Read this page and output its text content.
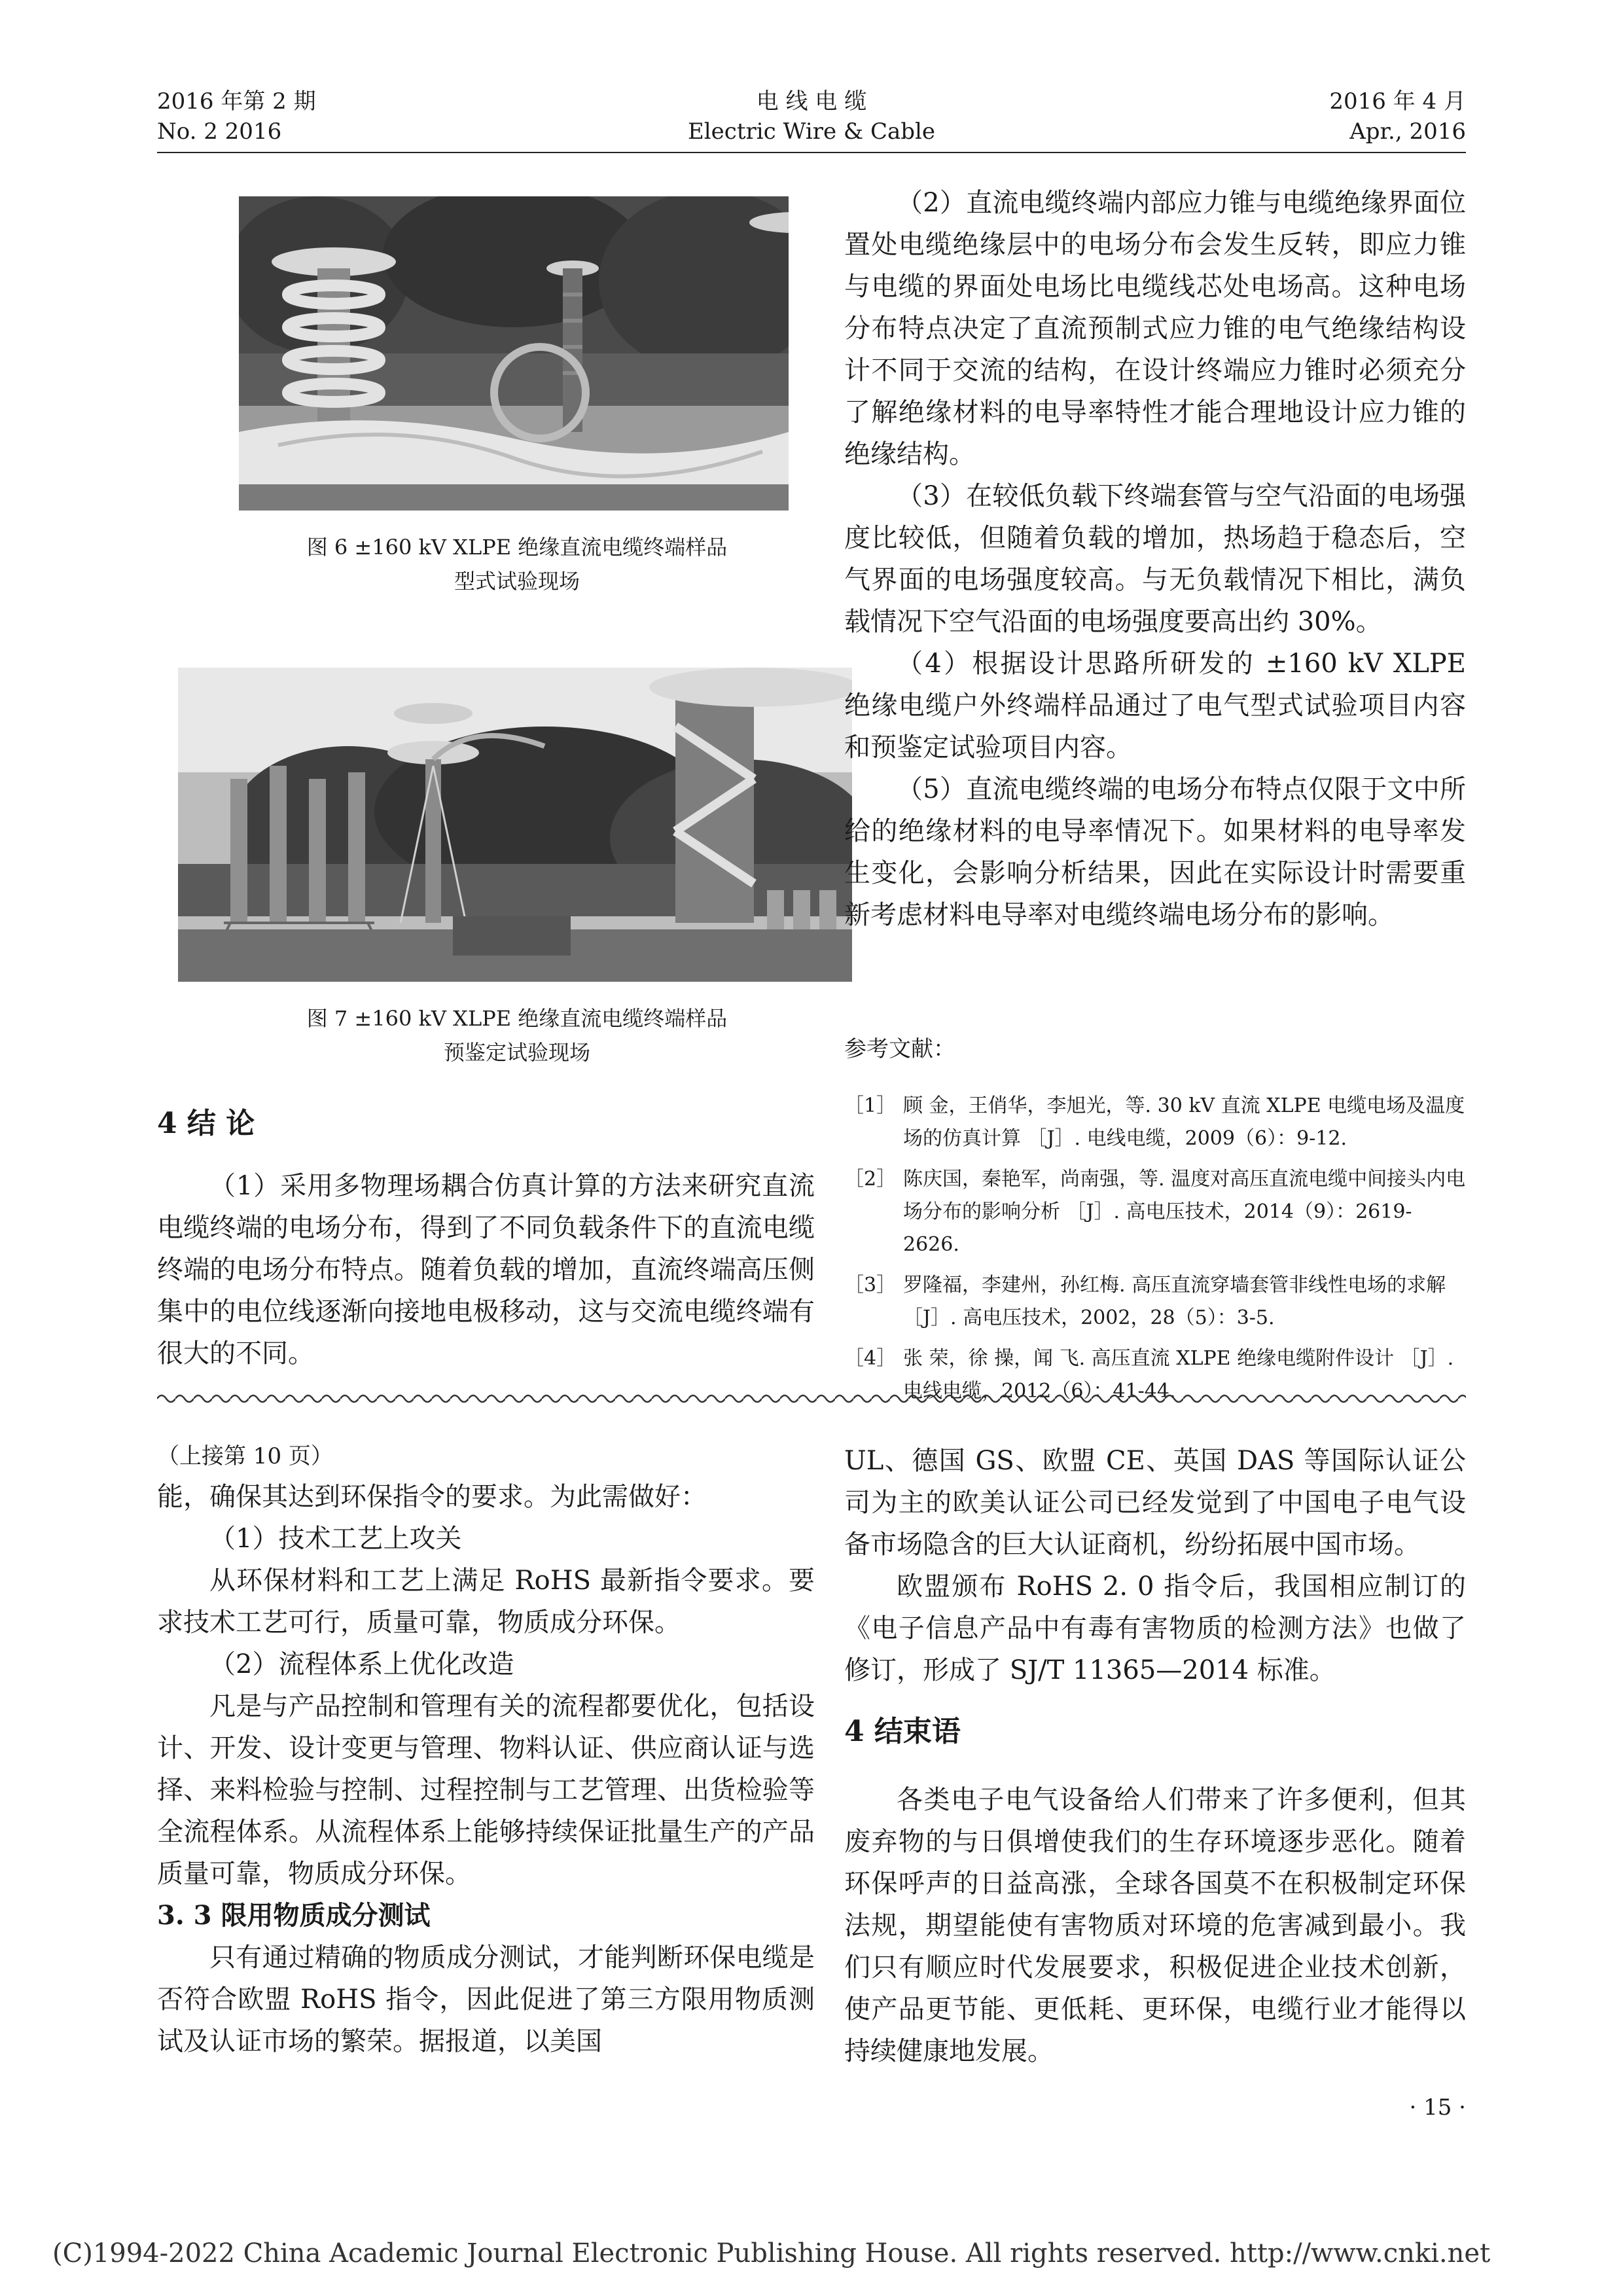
2016 年第 2 期
No. 2 2016
电 线 电 缆
Electric Wire & Cable
2016 年 4 月
Apr., 2016
图 6 ±160 kV XLPE 绝缘直流电缆终端样品
型式试验现场
图 7 ±160 kV XLPE 绝缘直流电缆终端样品
预鉴定试验现场
4 结 论

（1）采用多物理场耦合仿真计算的方法来研究直流电缆终端的电场分布，得到了不同负载条件下的直流电缆终端的电场分布特点。随着负载的增加，直流终端高压侧集中的电位线逐渐向接地电极移动，这与交流电缆终端有很大的不同。

（2）直流电缆终端内部应力锥与电缆绝缘界面位置处电缆绝缘层中的电场分布会发生反转，即应力锥与电缆的界面处电场比电缆线芯处电场高。这种电场分布特点决定了直流预制式应力锥的电气绝缘结构设计不同于交流的结构，在设计终端应力锥时必须充分了解绝缘材料的电导率特性才能合理地设计应力锥的绝缘结构。

（3）在较低负载下终端套管与空气沿面的电场强度比较低，但随着负载的增加，热场趋于稳态后，空气界面的电场强度较高。与无负载情况下相比，满负载情况下空气沿面的电场强度要高出约 30%。

（4）根据设计思路所研发的 ±160 kV XLPE 绝缘电缆户外终端样品通过了电气型式试验项目内容和预鉴定试验项目内容。

（5）直流电缆终端的电场分布特点仅限于文中所给的绝缘材料的电导率情况下。如果材料的电导率发生变化，会影响分析结果，因此在实际设计时需要重新考虑材料电导率对电缆终端电场分布的影响。

参考文献：
［1］ 顾 金，王俏华，李旭光，等. 30 kV 直流 XLPE 电缆电场及温度场的仿真计算 ［J］. 电线电缆，2009（6）：9-12.
［2］ 陈庆国，秦艳军，尚南强，等. 温度对高压直流电缆中间接头内电场分布的影响分析 ［J］. 高电压技术，2014（9）：2619-2626.
［3］ 罗隆福，李建州，孙红梅. 高压直流穿墙套管非线性电场的求解 ［J］. 高电压技术，2002，28（5）：3-5.
［4］ 张 荣，徐 操，闻 飞. 高压直流 XLPE 绝缘电缆附件设计 ［J］.
（上接第 10 页）

能，确保其达到环保指令的要求。为此需做好：

（1）技术工艺上攻关

从环保材料和工艺上满足 RoHS 最新指令要求。要求技术工艺可行，质量可靠，物质成分环保。

（2）流程体系上优化改造

凡是与产品控制和管理有关的流程都要优化，包括设计、开发、设计变更与管理、物料认证、供应商认证与选择、来料检验与控制、过程控制与工艺管理、出货检验等全流程体系。从流程体系上能够持续保证批量生产的产品质量可靠，物质成分环保。

3. 3 限用物质成分测试

只有通过精确的物质成分测试，才能判断环保电缆是否符合欧盟 RoHS 指令，因此促进了第三方限用物质测试及认证市场的繁荣。据报道，以美国

UL、德国 GS、欧盟 CE、英国 DAS 等国际认证公司为主的欧美认证公司已经发觉到了中国电子电气设备市场隐含的巨大认证商机，纷纷拓展中国市场。

欧盟颁布 RoHS 2. 0 指令后，我国相应制订的《电子信息产品中有毒有害物质的检测方法》也做了修订，形成了 SJ/T 11365—2014 标准。

4 结束语

各类电子电气设备给人们带来了许多便利，但其废弃物的与日俱增使我们的生存环境逐步恶化。随着环保呼声的日益高涨，全球各国莫不在积极制定环保法规，期望能使有害物质对环境的危害减到最小。我们只有顺应时代发展要求，积极促进企业技术创新，使产品更节能、更低耗、更环保，电缆行业才能得以持续健康地发展。

· 15 ·
(C)1994-2022 China Academic Journal Electronic Publishing House. All rights reserved. http://www.cnki.net
